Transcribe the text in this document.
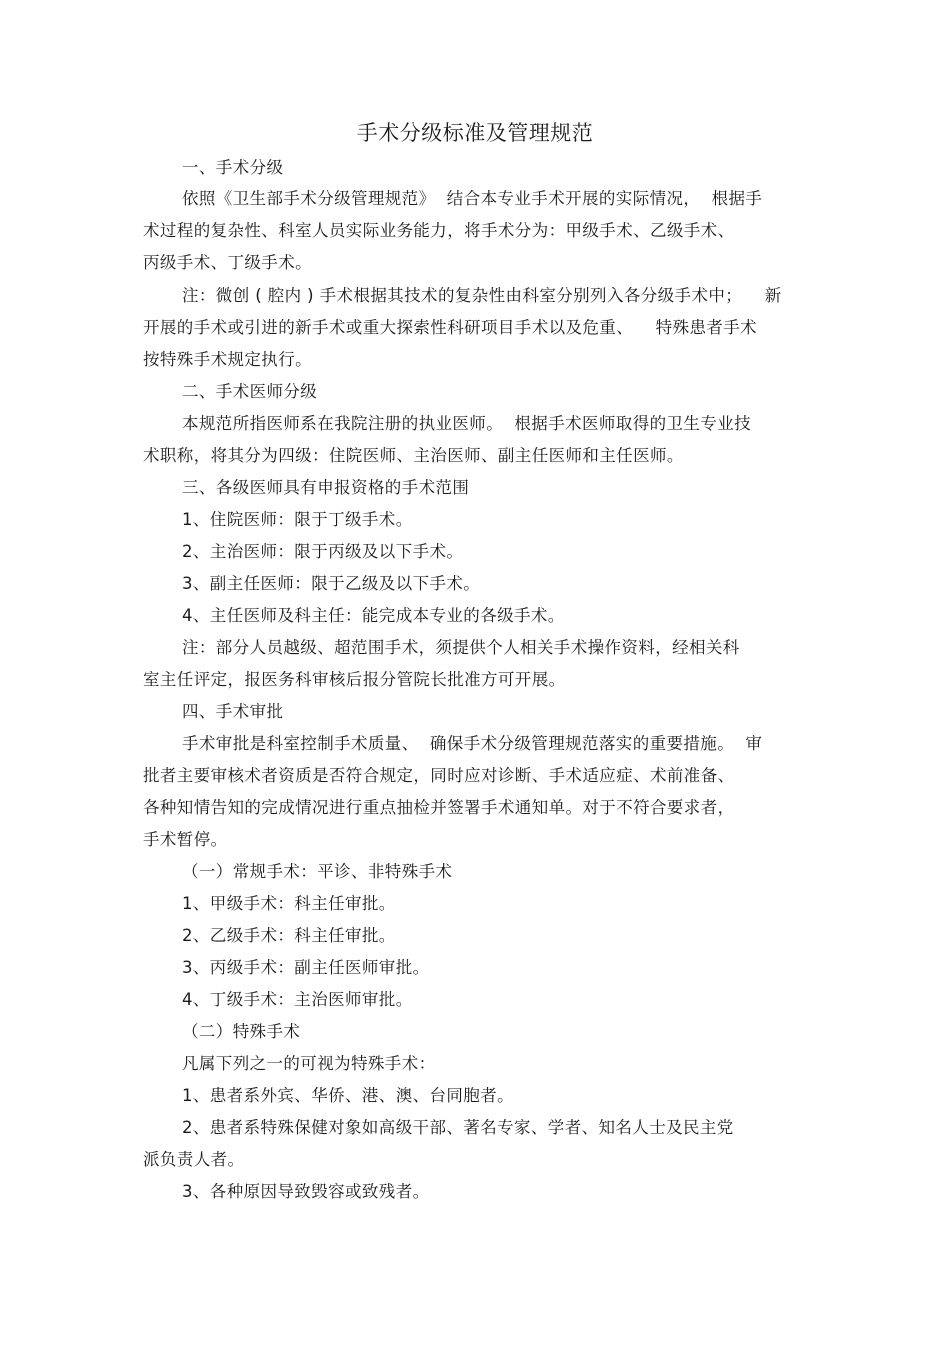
手术分级标准及管理规范
一、手术分级
依照《卫生部手术分级管理规范》  结合本专业手术开展的实际情况，  根据手
术过程的复杂性、科室人员实际业务能力，将手术分为：甲级手术、乙级手术、
丙级手术、丁级手术。
注：微创 ( 腔内 ) 手术根据其技术的复杂性由科室分别列入各分级手术中；    新
开展的手术或引进的新手术或重大探索性科研项目手术以及危重、    特殊患者手术
按特殊手术规定执行。
二、手术医师分级
本规范所指医师系在我院注册的执业医师。  根据手术医师取得的卫生专业技
术职称，将其分为四级：住院医师、主治医师、副主任医师和主任医师。
三、各级医师具有申报资格的手术范围
1、住院医师：限于丁级手术。
2、主治医师：限于丙级及以下手术。
3、副主任医师：限于乙级及以下手术。
4、主任医师及科主任：能完成本专业的各级手术。
注：部分人员越级、超范围手术，须提供个人相关手术操作资料，经相关科
室主任评定，报医务科审核后报分管院长批准方可开展。
四、手术审批
手术审批是科室控制手术质量、  确保手术分级管理规范落实的重要措施。  审
批者主要审核术者资质是否符合规定，同时应对诊断、手术适应症、术前准备、
各种知情告知的完成情况进行重点抽检并签署手术通知单。对于不符合要求者，
手术暂停。
（一）常规手术：平诊、非特殊手术
1、甲级手术：科主任审批。
2、乙级手术：科主任审批。
3、丙级手术：副主任医师审批。
4、丁级手术：主治医师审批。
（二）特殊手术
凡属下列之一的可视为特殊手术：
1、患者系外宾、华侨、港、澳、台同胞者。
2、患者系特殊保健对象如高级干部、著名专家、学者、知名人士及民主党
派负责人者。
3、各种原因导致毁容或致残者。
